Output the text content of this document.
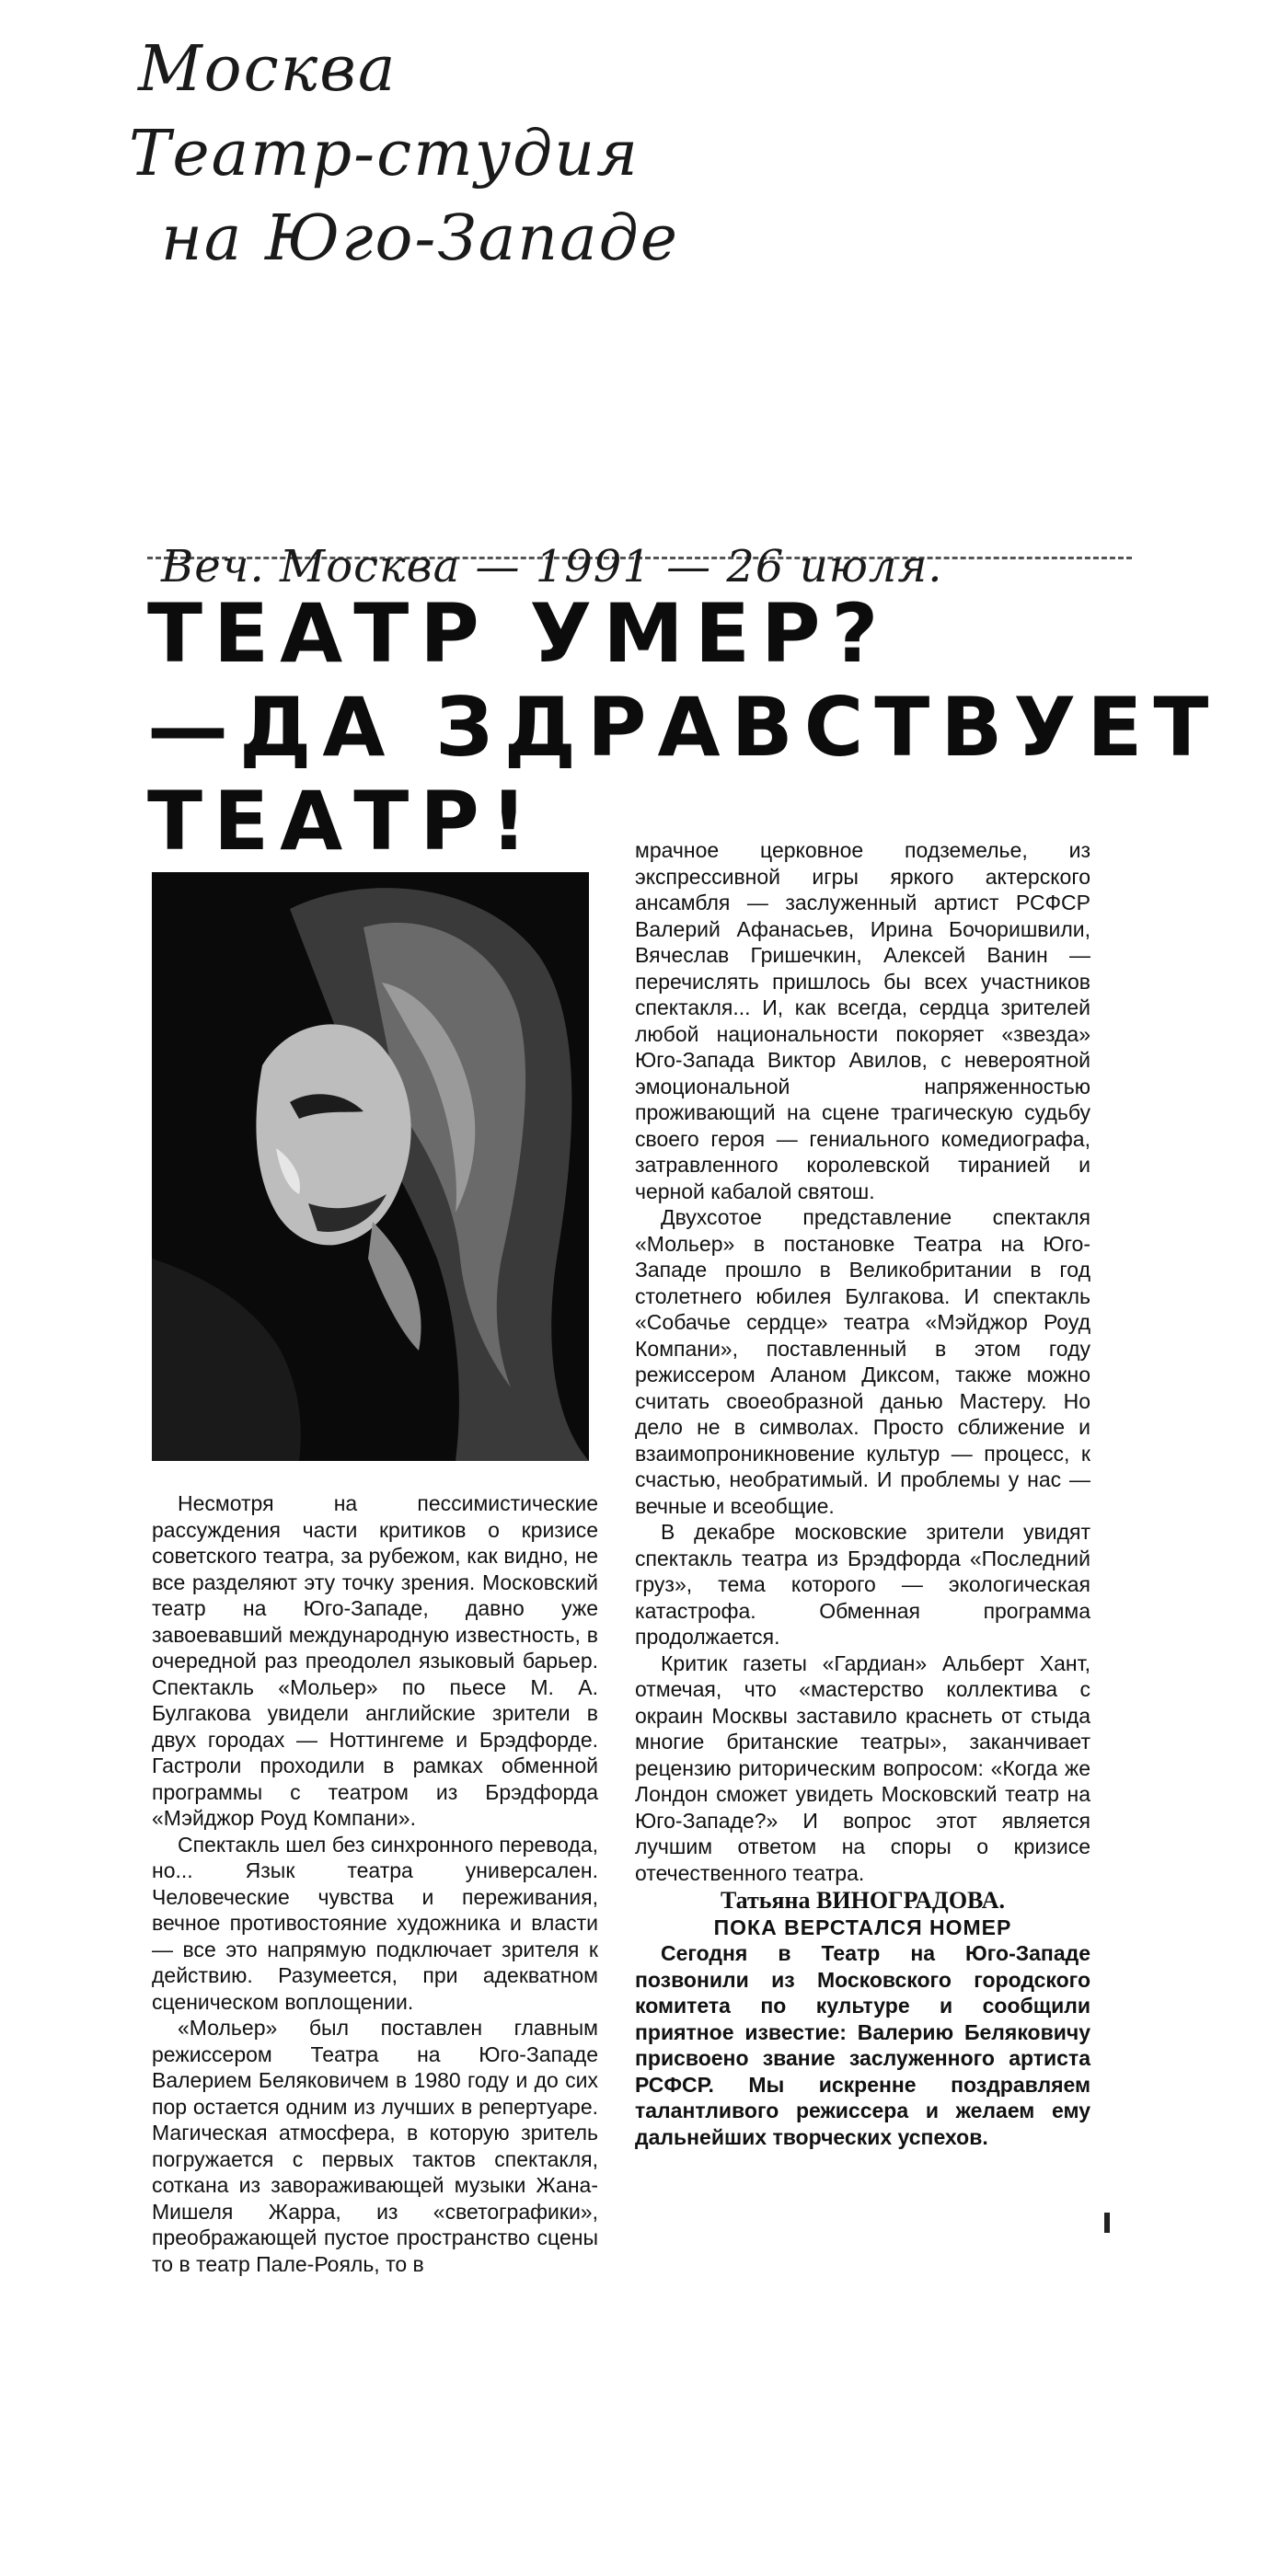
Москва
Театр-студия
на Юго-Западе
Веч. Москва — 1991 — 26 июля.
ТЕАТР УМЕР?
—ДА ЗДРАВСТВУЕТ
ТЕАТР!

Несмотря на пессимистические рассуждения части критиков о кризисе советского театра, за рубежом, как видно, не все разделяют эту точку зрения. Московский театр на Юго-Западе, давно уже завоевавший международную известность, в очередной раз преодолел языковый барьер. Спектакль «Мольер» по пьесе М. А. Булгакова увидели английские зрители в двух городах — Ноттингеме и Брэдфорде. Гастроли проходили в рамках обменной программы с театром из Брэдфорда «Мэйджор Роуд Компани».

Спектакль шел без синхронного перевода, но... Язык театра универсален. Человеческие чувства и переживания, вечное противостояние художника и власти — все это напрямую подключает зрителя к действию. Разумеется, при адекватном сценическом воплощении.

«Мольер» был поставлен главным режиссером Театра на Юго-Западе Валерием Беляковичем в 1980 году и до сих пор остается одним из лучших в репертуаре. Магическая атмосфера, в которую зритель погружается с первых тактов спектакля, сотканa из завораживающей музыки Жана-Мишеля Жарра, из «светографики», преображающей пустое пространство сцены то в театр Пале-Рояль, то в

мрачное церковное подземелье, из экспрессивной игры яркого актерского ансамбля — заслуженный артист РСФСР Валерий Афанасьев, Ирина Бочоришвили, Вячеслав Гришечкин, Алексей Ванин — перечислять пришлось бы всех участников спектакля... И, как всегда, сердца зрителей любой национальности покоряет «звезда» Юго-Запада Виктор Авилов, с невероятной эмоциональной напряженностью проживающий на сцене трагическую судьбу своего героя — гениального комедиографа, затравленного королевской тиранией и черной кабалой святош.

Двухсотое представление спектакля «Мольер» в постановке Театра на Юго-Западе прошло в Великобритании в год столетнего юбилея Булгакова. И спектакль «Собачье сердце» театра «Мэйджор Роуд Компани», поставленный в этом году режиссером Аланом Диксом, также можно считать своеобразной данью Мастеру. Но дело не в символах. Просто сближение и взаимопроникновение культур — процесс, к счастью, необратимый. И проблемы у нас — вечные и всеобщие.

В декабре московские зрители увидят спектакль театра из Брэдфорда «Последний груз», тема которого — экологическая катастрофа. Обменная программа продолжается.

Критик газеты «Гардиан» Альберт Хант, отмечая, что «мастерство коллектива с окраин Москвы заставило краснеть от стыда многие британские театры», заканчивает рецензию риторическим вопросом: «Когда же Лондон сможет увидеть Московский театр на Юго-Западе?» И вопрос этот является лучшим ответом на споры о кризисе отечественного театра.

Татьяна ВИНОГРАДОВА.
ПОКА ВЕРСТАЛСЯ НОМЕР

Сегодня в Театр на Юго-Западе позвонили из Московского городского комитета по культуре и сообщили приятное известие: Валерию Беляковичу присвоено звание заслуженного артиста РСФСР. Мы искренне поздравляем талантливого режиссера и желаем ему дальнейших творческих успехов.
